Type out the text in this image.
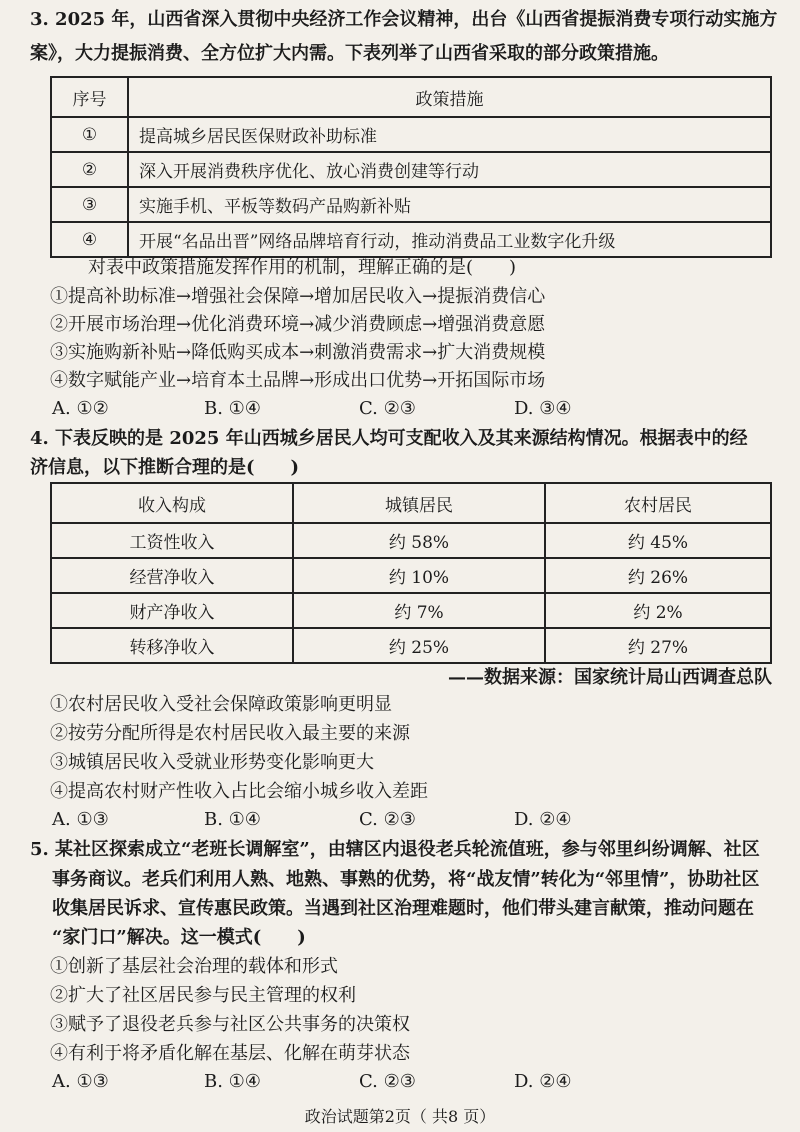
3. 2025 年，山西省深入贯彻中央经济工作会议精神，出台《山西省提振消费专项行动实施方
案》，大力提振消费、全方位扩大内需。下表列举了山西省采取的部分政策措施。
序号	政策措施
①	提高城乡居民医保财政补助标准
②	深入开展消费秩序优化、放心消费创建等行动
③	实施手机、平板等数码产品购新补贴
④	开展“名品出晋”网络品牌培育行动，推动消费品工业数字化升级
对表中政策措施发挥作用的机制，理解正确的是(　　)
①提高补助标准→增强社会保障→增加居民收入→提振消费信心
②开展市场治理→优化消费环境→减少消费顾虑→增强消费意愿
③实施购新补贴→降低购买成本→刺激消费需求→扩大消费规模
④数字赋能产业→培育本土品牌→形成出口优势→开拓国际市场
A. ①②	B. ①④	C. ②③	D. ③④
4. 下表反映的是 2025 年山西城乡居民人均可支配收入及其来源结构情况。根据表中的经
济信息，以下推断合理的是(　　)
收入构成	城镇居民	农村居民
工资性收入	约 58%	约 45%
经营净收入	约 10%	约 26%
财产净收入	约 7%	约 2%
转移净收入	约 25%	约 27%
——数据来源：国家统计局山西调查总队
①农村居民收入受社会保障政策影响更明显
②按劳分配所得是农村居民收入最主要的来源
③城镇居民收入受就业形势变化影响更大
④提高农村财产性收入占比会缩小城乡收入差距
A. ①③	B. ①④	C. ②③	D. ②④
5. 某社区探索成立“老班长调解室”，由辖区内退役老兵轮流值班，参与邻里纠纷调解、社区
事务商议。老兵们利用人熟、地熟、事熟的优势，将“战友情”转化为“邻里情”，协助社区
收集居民诉求、宣传惠民政策。当遇到社区治理难题时，他们带头建言献策，推动问题在
“家门口”解决。这一模式(　　)
①创新了基层社会治理的载体和形式
②扩大了社区居民参与民主管理的权利
③赋予了退役老兵参与社区公共事务的决策权
④有利于将矛盾化解在基层、化解在萌芽状态
A. ①③	B. ①④	C. ②③	D. ②④
政治试题第2页（ 共8 页）
